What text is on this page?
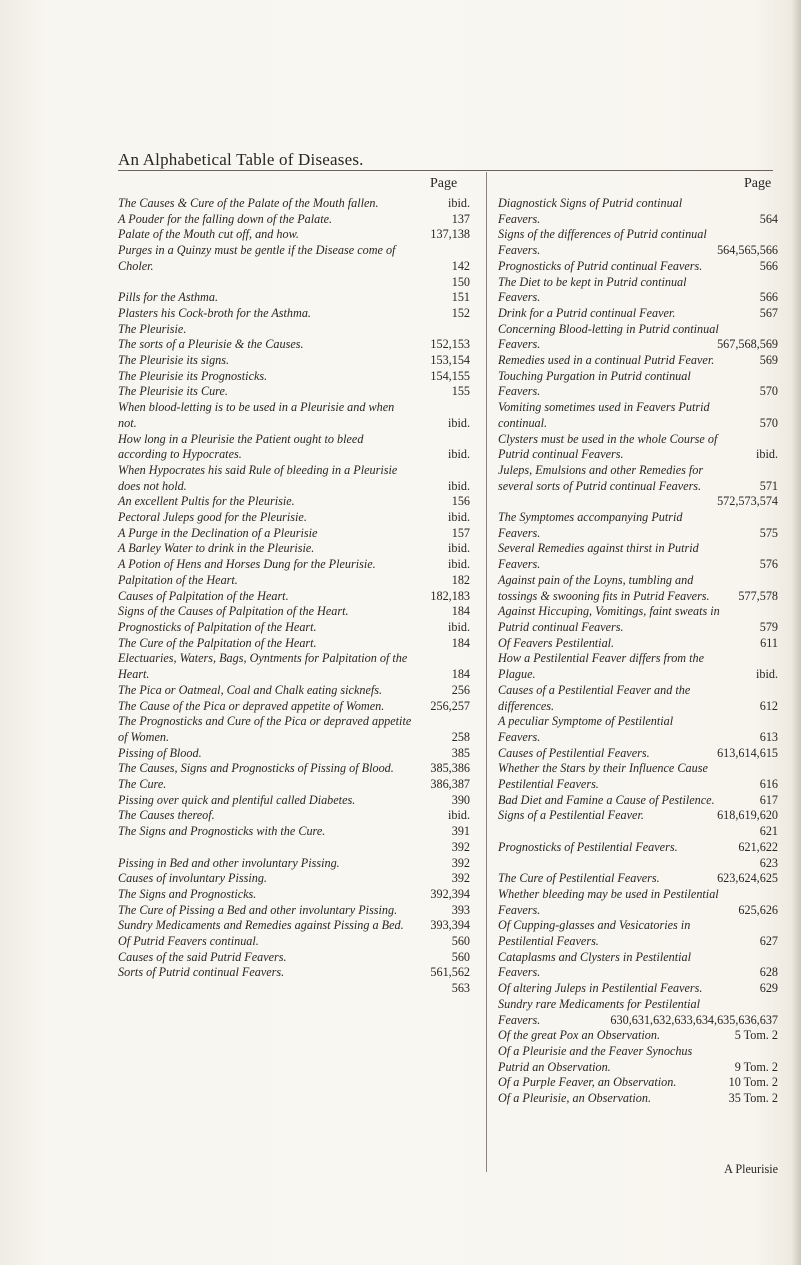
An Alphabetical Table of Diseases.
Page	Page
The Causes & Cure of the Palate of the Mouth fallen.	ibid.
A Pouder for the falling down of the Palate.	137
Palate of the Mouth cut off, and how.	137,138
Purges in a Quinzy must be gentle if the Disease come of Choler.	142

150
Pills for the Asthma.	151
Plasters his Cock-broth for the Asthma.	152
The Pleurisie.
The sorts of a Pleurisie & the Causes.	152,153
The Pleurisie its signs.	153,154
The Pleurisie its Prognosticks.	154,155
The Pleurisie its Cure.	155
When blood-letting is to be used in a Pleurisie and when not.	ibid.
How long in a Pleurisie the Patient ought to bleed according to Hypocrates.	ibid.
When Hypocrates his said Rule of bleeding in a Pleurisie does not hold.	ibid.
An excellent Pultis for the Pleurisie.	156
Pectoral Juleps good for the Pleurisie.	ibid.
A Purge in the Declination of a Pleurisie	157
A Barley Water to drink in the Pleurisie.	ibid.
A Potion of Hens and Horses Dung for the Pleurisie.	ibid.
Palpitation of the Heart.	182
Causes of Palpitation of the Heart.	182,183
Signs of the Causes of Palpitation of the Heart.	184
Prognosticks of Palpitation of the Heart.	ibid.
The Cure of the Palpitation of the Heart.	184
Electuaries, Waters, Bags, Oyntments for Palpitation of the Heart.	184
The Pica or Oatmeal, Coal and Chalk eating sicknefs.	256
The Cause of the Pica or depraved appetite of Women.	256,257
The Prognosticks and Cure of the Pica or depraved appetite of Women.	258
Pissing of Blood.	385
The Causes, Signs and Prognosticks of Pissing of Blood.	385,386
The Cure.	386,387
Pissing over quick and plentiful called Diabetes.	390
The Causes thereof.	ibid.
The Signs and Prognosticks with the Cure.	391

392
Pissing in Bed and other involuntary Pissing.	392
Causes of involuntary Pissing.	392
The Signs and Prognosticks.	392,394
The Cure of Pissing a Bed and other involuntary Pissing.	393
Sundry Medicaments and Remedies against Pissing a Bed. 393,394
Of Putrid Feavers continual.	560
Causes of the said Putrid Feavers.	560
Sorts of Putrid continual Feavers.	561,562

563
Diagnostick Signs of Putrid continual Feavers.	564
Signs of the differences of Putrid continual Feavers.	564,565,566
Prognosticks of Putrid continual Feavers.	566
The Diet to be kept in Putrid continual Feavers.	566
Drink for a Putrid continual Feaver.	567
Concerning Blood-letting in Putrid continual Feavers.	567,568,569
Remedies used in a continual Putrid Feaver.	569
Touching Purgation in Putrid continual Feavers.	570
Vomiting sometimes used in Feavers Putrid continual.	570
Clysters must be used in the whole Course of Putrid continual Feavers.	ibid.
Juleps, Emulsions and other Remedies for several sorts of Putrid continual Feavers.	571

572,573,574
The Symptomes accompanying Putrid Feavers.	575
Several Remedies against thirst in Putrid Feavers.	576
Against pain of the Loyns, tumbling and tossings & swooning fits in Putrid Feavers. 577,578
Against Hiccuping, Vomitings, faint sweats in Putrid continual Feavers.	579
Of Feavers Pestilential.	611
How a Pestilential Feaver differs from the Plague.	ibid.
Causes of a Pestilential Feaver and the differences.	612
A peculiar Symptome of Pestilential Feavers.	613
Causes of Pestilential Feavers.	613,614,615
Whether the Stars by their Influence Cause Pestilential Feavers.	616
Bad Diet and Famine a Cause of Pestilence.	617
Signs of a Pestilential Feaver.	618,619,620

621
Prognosticks of Pestilential Feavers.	621,622

623
The Cure of Pestilential Feavers.	623,624,625
Whether bleeding may be used in Pestilential Feavers.	625,626
Of Cupping-glasses and Vesicatories in Pestilential Feavers.	627
Cataplasms and Clysters in Pestilential Feavers.	628
Of altering Juleps in Pestilential Feavers.	629
Sundry rare Medicaments for Pestilential Feavers.	630,631,632,633,634,635,636,637
Of the great Pox an Observation.	5 Tom. 2
Of a Pleurisie and the Feaver Synochus Putrid an Observation.	9 Tom. 2
Of a Purple Feaver, an Observation.	10 Tom. 2
Of a Pleurisie, an Observation.	35 Tom. 2
A Pleurisie
